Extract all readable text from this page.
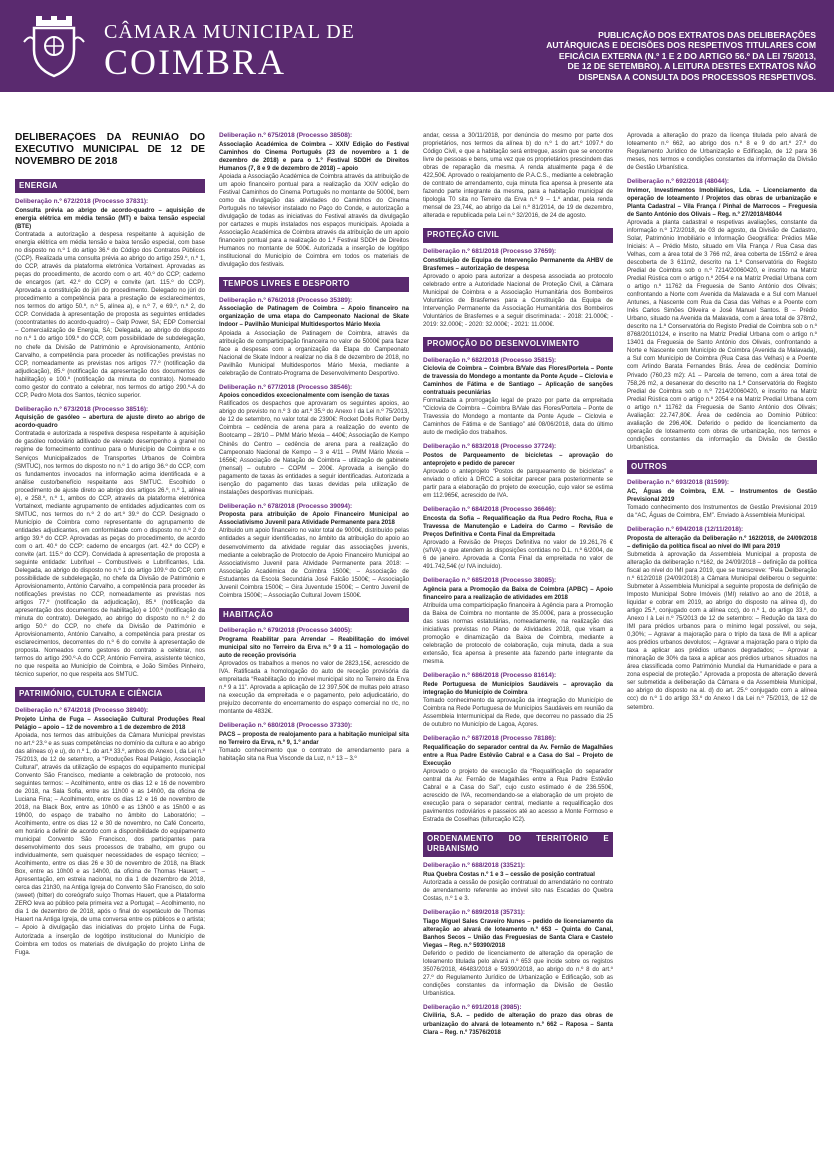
CÂMARA MUNICIPAL DE
COIMBRA
PUBLICAÇÃO DOS EXTRATOS DAS DELIBERAÇÕES AUTÁRQUICAS E DECISÕES DOS RESPETIVOS TITULARES COM EFICÁCIA EXTERNA (N.º 1 E 2 DO ARTIGO 56.º DA LEI 75/2013, DE 12 DE SETEMBRO). A LEITURA DESTES EXTRATOS NÃO DISPENSA A CONSULTA DOS PROCESSOS RESPETIVOS.
DELIBERAÇÕES DA REUNIÃO DO EXECUTIVO MUNICIPAL DE 12 DE NOVEMBRO DE 2018
ENERGIA
Deliberação n.º 672/2018 (Processo 37831):
Consulta prévia ao abrigo de acordo-quadro – aquisição de energia elétrica em média tensão (MT) e baixa tensão especial (BTE)
Contratada a autorização a despesa respeitante à aquisição de energia elétrica em média tensão e baixa tensão especial, com base no disposto no n.º 1 do artigo 36.º do Código dos Contratos Públicos (CCP). Realizada uma consulta prévia ao abrigo do artigo 259.º, n.º 1, do CCP, através da plataforma eletrónica Vortalnext. Aprovadas as peças do procedimento, de acordo com o art. 40.º do CCP; caderno de encargos (art. 42.º do CCP) e convite (art. 115.º do CCP). Aprovada a constituição do júri do procedimento. Delegado no júri do procedimento a competência para a prestação de esclarecimentos, nos termos do artigo 50.º, n.º 5, alínea a), e n.º 7, e 69.º, n.º 2, do CCP. Convidada à apresentação de proposta as seguintes entidades (cocontratantes do acordo-quadro) – Galp Power, SA; EDP Comercial – Comercialização de Energia, SA; Delegada, ao abrigo do disposto no n.º 1 do artigo 109.º do CCP, com possibilidade de subdelegação, no chefe da Divisão de Património e Aprovisionamento, António Carvalho, a competência para proceder às notificações previstas no CCP, nomeadamente as previstas nos artigos 77.º (notificação da adjudicação), 85.º (notificação da apresentação dos documentos de habilitação) e 100.º (notificação da minuta do contrato). Nomeado como gestor do contrato a celebrar, nos termos do artigo 290.º-A do CCP, Pedro Mota dos Santos, técnico superior.
Deliberação n.º 673/2018 (Processo 38516):
Aquisição de gasóleo – abertura de ajuste direto ao abrigo de acordo-quadro
Contratada e autorizada a respetiva despesa respeitante à aquisição de gasóleo rodoviário aditivado de elevado desempenho a granel no regime de fornecimento contínuo para o Município de Coimbra e os Serviços Municipalizados de Transportes Urbanos de Coimbra (SMTUC), nos termos do disposto no n.º 1 do artigo 36.º do CCP, com os fundamentos invocados na informação acima identificada e a análise custo/benefício respeitante aos SMTUC. Escolhido o procedimento de ajuste direto ao abrigo dos artigos 26.º, n.º 1, alínea e), e 258.º, n.º 1, ambos do CCP, através da plataforma eletrónica Vortalnext, mediante agrupamento de entidades adjudicantes com os SMTUC, nos termos do n.º 2 do art.º 39.º do CCP. Designado o Município de Coimbra como representante do agrupamento de entidades adjudicantes, em conformidade com o disposto no n.º 2 do artigo 39.º do CCP. Aprovadas as peças do procedimento, de acordo com o art. 40.º do CCP: caderno de encargos (art. 42.º do CCP) e convite (art. 115.º do CCP). Convidada à apresentação de proposta a seguinte entidade: Lubrifuel – Combustíveis e Lubrificantes, Lda. Delegada, ao abrigo do disposto no n.º 1 do artigo 109.º do CCP, com possibilidade de subdelegação, no chefe da Divisão de Património e Aprovisionamento, António Carvalho, a competência para proceder às notificações previstas no CCP, nomeadamente as previstas nos artigos 77.º (notificação da adjudicação), 85.º (notificação da apresentação dos documentos de habilitação) e 100.º (notificação da minuta do contrato). Delegado, ao abrigo do disposto no n.º 2 do artigo 50.º do CCP, no chefe da Divisão de Património e Aprovisionamento, António Carvalho, a competência para prestar os esclarecimentos, decorrentes do n.º 6 do convite à apresentação de proposta. Nomeados como gestores do contrato a celebrar, nos termos do artigo 290.º-A do CCP, António Ferreira, assistente técnico, no que respeita ao Município de Coimbra, e João Simões Pinheiro, técnico superior, no que respeita aos SMTUC.
PATRIMÓNIO, CULTURA E CIÊNCIA
Deliberação n.º 674/2018 (Processo 38940):
Projeto Linha de Fuga – Associação Cultural Produções Real Pelágio – apoio – 12 de novembro a 1 de dezembro de 2018
Apoiada, nos termos das atribuições da Câmara Municipal previstas no art.º 23.º e as suas competências no domínio da cultura e ao abrigo das alíneas o) e u), do n.º 1, do art.º 33.º, ambos do Anexo I, da Lei n.º 75/2013, de 12 de setembro, a “Produções Real Pelágio, Associação Cultural”, através da utilização de espaços do equipamento municipal Convento São Francisco, mediante a celebração de protocolo, nos seguintes termos: – Acolhimento, entre os dias 12 e 16 de novembro de 2018, na Sala Sofia, entre as 11h00 e as 14h00, da oficina de Luciana Fina; – Acolhimento, entre os dias 12 e 16 de novembro de 2018, na Black Box, entre as 10h00 e as 13h00 e as 15h00 e as 19h00, do espaço de trabalho no âmbito do Laboratório; – Acolhimento, entre os dias 12 e 30 de novembro, no Café Concerto, em horário a definir de acordo com a disponibilidade do equipamento municipal Convento São Francisco, dos participantes para desenvolvimento dos seus processos de trabalho, em grupo ou individualmente, sem quaisquer necessidades de espaço técnico; – Acolhimento, entre os dias 26 e 30 de novembro de 2018, na Black Box, entre as 10h00 e as 14h00, da oficina de Thomas Hauert; – Apresentação, em estreia nacional, no dia 1 de dezembro de 2018, cerca das 21h30, na Antiga Igreja do Convento São Francisco, do solo (sweet) (bitter) do coreógrafo suíço Thomas Hauert, que a Plataforma ZERO leva ao público pela primeira vez a Portugal; – Acolhimento, no dia 1 de dezembro de 2018, após o final do espetáculo de Thomas Hauert na Antiga Igreja, de uma conversa entre os públicos e o artista; – Apoio à divulgação das iniciativas do projeto Linha de Fuga. Autorizada a inserção de logótipo institucional do Município de Coimbra em todos os materiais de divulgação do projeto Linha de Fuga.
Deliberação n.º 675/2018 (Processo 38508):
Associação Académica de Coimbra – XXIV Edição do Festival Caminhos do Cinema Português (23 de novembro a 1 de dezembro de 2018) e para o 1.º Festival SDDH de Direitos Humanos (7, 8 e 9 de dezembro de 2018) – apoio
Apoiada a Associação Académica de Coimbra através da atribuição de um apoio financeiro pontual para a realização da XXIV edição do Festival Caminhos do Cinema Português no montante de 5000€, bem como da divulgação das atividades do Caminhos do Cinema Português no televisor instalado no Paço do Conde, e autorização a divulgação de todas as iniciativas do Festival através da divulgação por cartazes e mupis instalados nos espaços municipais. Apoiada a Associação Académica de Coimbra através da atribuição de um apoio financeiro pontual para a realização do 1.º Festival SDDH de Direitos Humanos no montante de 500€. Autorizada a inserção de logótipo institucional do Município de Coimbra em todos os materiais de divulgação dos festivais.
TEMPOS LIVRES E DESPORTO
Deliberação n.º 676/2018 (Processo 35389):
Associação de Patinagem de Coimbra – Apoio financeiro na organização de uma etapa do Campeonato Nacional de Skate Indoor – Pavilhão Municipal Multidesportos Mário Mexia
Apoiada a Associação de Patinagem de Coimbra, através da atribuição de comparticipação financeira no valor de 5000€ para fazer face a despesas com a organização da Etapa do Campeonato Nacional de Skate Indoor a realizar no dia 8 de dezembro de 2018, no Pavilhão Municipal Multidesportos Mário Mexia, mediante a celebração de Contrato-Programa de Desenvolvimento Desportivo.
Deliberação n.º 677/2018 (Processo 38546):
Apoios concedidos excecionalmente com isenção de taxas
Ratificados os despachos que aprovaram os seguintes apoios, ao abrigo do previsto no n.º 3 do art.º 35.º do Anexo I da Lei n.º 75/2013, de 12 de setembro, no valor total de 2390€: Rocket Dolls Roller Derby Coimbra – cedência de arena para a realização do evento de Bootcamp – 28/10 – PMM Mário Mexia – 440€; Associação de Kempo Chinês do Centro – cedência de arena para a realização do Campeonato Nacional de Kempo – 3 e 4/11 – PMM Mário Mexia – 1656€; Associação de Natação de Coimbra – utilização de gabinete (mensal) – outubro – COPM – 200€. Aprovada a isenção do pagamento de taxas às entidades a seguir identificadas. Autorizada a isenção do pagamento das taxas devidas pela utilização de instalações desportivas municipais.
Deliberação n.º 678/2018 (Processo 39094):
Proposta para atribuição de Apoio Financeiro Municipal ao Associativismo Juvenil para Atividade Permanente para 2018
Atribuído um apoio financeiro no valor total de 9000€, distribuído pelas entidades a seguir identificadas, no âmbito da atribuição do apoio ao desenvolvimento da atividade regular das associações juvenis, mediante a celebração de Protocolo de Apoio Financeiro Municipal ao Associativismo Juvenil para Atividade Permanente para 2018: – Associação Académica de Coimbra 1500€; – Associação de Estudantes da Escola Secundária José Falcão 1500€; – Associação Juvenil Coimbra 1500€; – Gira Juventude 1500€; – Centro Juvenil de Coimbra 1500€; – Associação Cultural Jovem 1500€.
HABITAÇÃO
Deliberação n.º 679/2018 (Processo 34005):
Programa Reabilitar para Arrendar – Reabilitação do imóvel municipal sito no Terreiro da Erva n.º 9 a 11 – homologação do auto de receção provisória
Aprovados os trabalhos a menos no valor de 2823,15€, acrescido de IVA. Ratificada a homologação do auto de receção provisória da empreitada “Reabilitação do imóvel municipal sito no Terreiro da Erva n.º 9 a 11”. Aprovada a aplicação de 12 397,50€ de multas pelo atraso na execução da empreitada e o pagamento, pelo adjudicatário, do prejuízo decorrente do encerramento do espaço comercial no r/c, no montante de 4832€.
Deliberação n.º 680/2018 (Processo 37330):
PACS – proposta de realojamento para a habitação municipal sita no Terreiro da Erva, n.º 9, 1.º andar
Tomado conhecimento que o contrato de arrendamento para a habitação sita na Rua Visconde da Luz, n.º 13 – 3.º
andar, cessa a 30/11/2018, por denúncia do mesmo por parte dos proprietários, nos termos da alínea b) do n.º 1 do art.º 1097.º do Código Civil, e que a habitação será entregue, assim que se encontre livre de pessoas e bens, uma vez que os proprietários prescindem das obras de reparação da mesma. A renda atualmente paga é de 422,50€. Aprovado o realojamento de P.A.C.S., mediante a celebração de contrato de arrendamento, cuja minuta fica apensa à presente ata fazendo parte integrante da mesma, para a habitação municipal de tipologia T0 sita no Terreiro da Erva n.º 9 – 1.º andar, pela renda mensal de 23,74€, ao abrigo da Lei n.º 81/2014, de 19 de dezembro, alterada e republicada pela Lei n.º 32/2016, de 24 de agosto.
PROTEÇÃO CIVIL
Deliberação n.º 681/2018 (Processo 37659):
Constituição de Equipa de Intervenção Permanente da AHBV de Brasfemes – autorização de despesa
Aprovado o apoio para autorizar a despesa associada ao protocolo celebrado entre a Autoridade Nacional de Proteção Civil, a Câmara Municipal de Coimbra e a Associação Humanitária dos Bombeiros Voluntários de Brasfemes para a Constituição da Equipa de Intervenção Permanente da Associação Humanitária dos Bombeiros Voluntários de Brasfemes e a seguir discriminada: - 2018: 21.000€; - 2019: 32.000€; - 2020: 32.000€; - 2021: 11.000€.
PROMOÇÃO DO DESENVOLVIMENTO
Deliberação n.º 682/2018 (Processo 35815):
Ciclovia de Coimbra – Coimbra B/Vale das Flores/Portela – Ponte de travessia do Mondego a montante da Ponte Açude – Ciclovia e Caminhos de Fátima e de Santiago – Aplicação de sanções contratuais pecuniárias
Formalizada a prorrogação legal de prazo por parte da empreitada “Ciclovia de Coimbra – Coimbra B/Vale das Flores/Portela – Ponte de Travessia do Mondego a montante da Ponte Açude – Ciclovia e Caminhos de Fátima e de Santiago” até 08/06/2018, data do último auto de medição dos trabalhos.
Deliberação n.º 683/2018 (Processo 37724):
Postos de Parqueamento de bicicletas – aprovação do anteprojeto e pedido de parecer
Aprovado o anteprojeto “Postos de parqueamento de bicicletas” e enviado o ofício à DRCC a solicitar parecer para posteriormente se partir para a elaboração do projeto de execução, cujo valor se estima em 112.965€, acrescido de IVA.
Deliberação n.º 684/2018 (Processo 36646):
Encosta da Sofia – Requalificação da Rua Pedro Rocha, Rua e Travessa de Manutenção e Ladeira do Carmo – Revisão de Preços Definitiva e Conta Final da Empreitada
Aprovado a Revisão de Preços Definitiva no valor de 19.261,76 € (s/IVA) e que atendem às disposições contidas no D.L. n.º 6/2004, de 6 de janeiro. Aprovada a Conta Final da empreitada no valor de 491.742,54€ (c/ IVA incluído).
Deliberação n.º 685/2018 (Processo 38085):
Agência para a Promoção da Baixa de Coimbra (APBC) – Apoio financeiro para a realização de atividades em 2018
Atribuída uma comparticipação financeira à Agência para a Promoção da Baixa de Coimbra no montante de 35.000€, para a prossecução das suas normas estatutárias, nomeadamente, na realização das iniciativas previstas no Plano de Atividades 2018, que visam a promoção e dinamização da Baixa de Coimbra, mediante a celebração de protocolo de colaboração, cuja minuta, dada a sua extensão, fica apensa à presente ata fazendo parte integrante da mesma.
Deliberação n.º 686/2018 (Processo 81614):
Rede Portuguesa de Municípios Saudáveis – aprovação da integração do Município de Coimbra
Tomado conhecimento da aprovação da integração do Município de Coimbra na Rede Portuguesa de Municípios Saudáveis em reunião da Assembleia Intermunicipal da Rede, que decorreu no passado dia 25 de outubro no Município de Lagoa, Açores.
Deliberação n.º 687/2018 (Processo 78186):
Requalificação do separador central da Av. Fernão de Magalhães entre a Rua Padre Estêvão Cabral e a Casa do Sal – Projeto de Execução
Aprovado o projeto de execução da “Requalificação do separador central da Av. Fernão de Magalhães entre a Rua Padre Estêvão Cabral e a Casa do Sal”, cujo custo estimado é de 236.550€, acrescido de IVA, recomendando-se a elaboração de um projeto de execução para o separador central, mediante a requalificação dos pavimentos rodoviários e passeios até ao acesso a Monte Formoso e Estrada de Coselhas (bifurcação IC2).
ORDENAMENTO DO TERRITÓRIO E URBANISMO
Deliberação n.º 688/2018 (33521):
Rua Quebra Costas n.º 1 e 3 – cessão de posição contratual
Autorizada a cessão de posição contratual do arrendatário no contrato de arrendamento referente ao imóvel sito nas Escadas do Quebra Costas, n.º 1 e 3.
Deliberação n.º 689/2018 (35731):
Tiago Miguel Sales Craveiro Nunes – pedido de licenciamento da alteração ao alvará de loteamento n.º 653 – Quinta do Canal, Banhos Secos – União das Freguesias de Santa Clara e Castelo Viegas – Reg. n.º 59390/2018
Deferido o pedido de licenciamento de alteração da operação de loteamento titulada pelo alvará n.º 653 que incide sobre os registos 35076/2018, 46483/2018 e 59390/2018, ao abrigo do n.º 8 do art.º 27.º do Regulamento Jurídico de Urbanização e Edificação, sob as condições constantes da informação da Divisão de Gestão Urbanística.
Deliberação n.º 691/2018 (3985):
Civiliria, S.A. – pedido de alteração do prazo das obras de urbanização do alvará de loteamento n.º 662 – Raposa – Santa Clara – Reg. n.º 73576/2018
Aprovada a alteração do prazo da licença titulada pelo alvará de loteamento n.º 662, ao abrigo dos n.º 8 e 9 do art.º 27.º do Regulamento Jurídico de Urbanização e Edificação, de 12 para 36 meses, nos termos e condições constantes da informação da Divisão de Gestão Urbanística.
Deliberação n.º 692/2018 (48044):
Invimor, Investimentos Imobiliários, Lda. – Licenciamento da operação de loteamento / Projetos das obras de urbanização e Planta Cadastral – Vila França / Pinhal de Marrocos – Freguesia de Santo António dos Olivais – Reg. n.º 27/2018/48044
Aprovada a planta cadastral e respetivas avaliações, constante da informação n.º 172/2018, de 03 de agosto, da Divisão de Cadastro, Solar, Património Imobiliário e Informação Geográfica: Prédios Mãe Iniciais: A – Prédio Misto, situado em Vila França / Rua Casa das Velhas, com a área total de 3 766 m2, área coberta de 155m2 e área descoberta de 3 611m2, descrito na 1.ª Conservatória do Registo Predial de Coimbra sob o n.º 7214/20060420, e inscrito na Matriz Predial Rústica com o artigo n.º 2054 e na Matriz Predial Urbana com o artigo n.º 11762 da Freguesia de Santo António dos Olivais; confrontando a Norte com Avenida da Malavada e a Sul com Manuel Antunes, a Nascente com Rua da Casa das Velhas e a Poente com Inês Carlos Simões Oliveira e José Manuel Santos. B – Prédio Urbano, situado na Avenida da Malavada, com a área total de 378m2, descrito na 1.ª Conservatória do Registo Predial de Coimbra sob o n.º 8768/20110124, e inscrito na Matriz Predial Urbana com o artigo n.º 13401 da Freguesia de Santo António dos Olivais, confrontando a Norte e Nascente com Município de Coimbra (Avenida da Malavada), a Sul com Município de Coimbra (Rua Casa das Velhas) e a Poente com Arlindo Barata Fernandes Brás. Área de cedência: Domínio Privado (760,23 m2): A1 – Parcela de terreno, com a área total de 758,26 m2, a desanexar do descrito na 1.ª Conservatória do Registo Predial de Coimbra sob o n.º 7214/20060420, e inscrito na Matriz Predial Rústica com o artigo n.º 2054 e na Matriz Predial Urbana com o artigo n.º 11762 da Freguesia de Santo António dos Olivais; Avaliação: 22.747,80€. Área de cedência ao Domínio Público: avaliação de 296,40€. Deferido o pedido de licenciamento da operação de loteamento com obras de urbanização, nos termos e condições constantes da informação da Divisão de Gestão Urbanística.
OUTROS
Deliberação n.º 693/2018 (81599):
AC, Águas de Coimbra, E.M. – Instrumentos de Gestão Previsional 2019
Tomado conhecimento dos Instrumentos de Gestão Previsional 2019 da “AC, Águas de Coimbra, EM”. Enviado à Assembleia Municipal.
Deliberação n.º 694/2018 (12/11/2018):
Proposta de alteração da Deliberação n.º 162/2018, de 24/09/2018 – definição da política fiscal ao nível do IMI para 2019
Submetida à aprovação da Assembleia Municipal a proposta de alteração da deliberação n.º162, de 24/09/2018 – definição da política fiscal ao nível do IMI para 2019, que se transcreve: “Pela Deliberação n.º 612/2018 (24/09/2018) a Câmara Municipal deliberou o seguinte: Submeter à Assembleia Municipal a seguinte proposta de definição de Imposto Municipal Sobre Imóveis (IMI) relativo ao ano de 2018, a liquidar e cobrar em 2019, ao abrigo do disposto na alínea d), do artigo 25.º, conjugado com a alínea ccc), do n.º 1, do artigo 33.º, do Anexo I à Lei n.º 75/2013 de 12 de setembro: – Redução da taxa do IMI para prédios urbanos para o mínimo legal possível, ou seja, 0,30%; – Agravar a majoração para o triplo da taxa de IMI a aplicar aos prédios urbanos devolutos; – Agravar a majoração para o triplo da taxa a aplicar aos prédios urbanos degradados; – Aprovar a minoração de 30% da taxa a aplicar aos prédios urbanos situados na área classificada como Património Mundial da Humanidade e para a zona especial de proteção.” Aprovada a proposta de alteração deverá ser submetida a deliberação da Câmara e da Assembleia Municipal, ao abrigo do disposto na al. d) do art. 25.º conjugado com a alínea ccc) do n.º 1 do artigo 33.º do Anexo I da Lei n.º 75/2013, de 12 de setembro.
